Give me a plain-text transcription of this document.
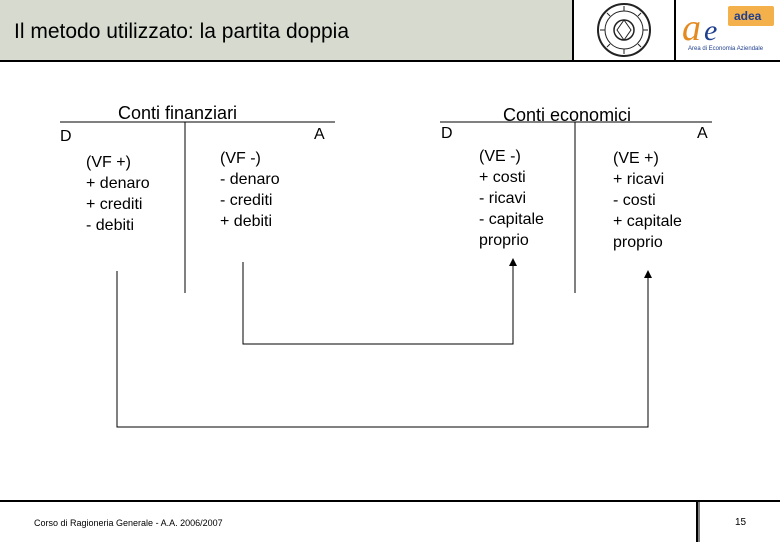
Il metodo utilizzato: la partita doppia	a e adea
Area di Economia Aziendale
Conti finanziari
D	A
(VF +)
+ denaro
+ crediti
- debiti
(VF -)
- denaro
- crediti
+ debiti
Conti economici
D	A
(VE -)
+ costi
- ricavi
- capitale
proprio
(VE +)
+ ricavi
- costi
+ capitale
proprio
Corso di Ragioneria Generale - A.A. 2006/2007	15
